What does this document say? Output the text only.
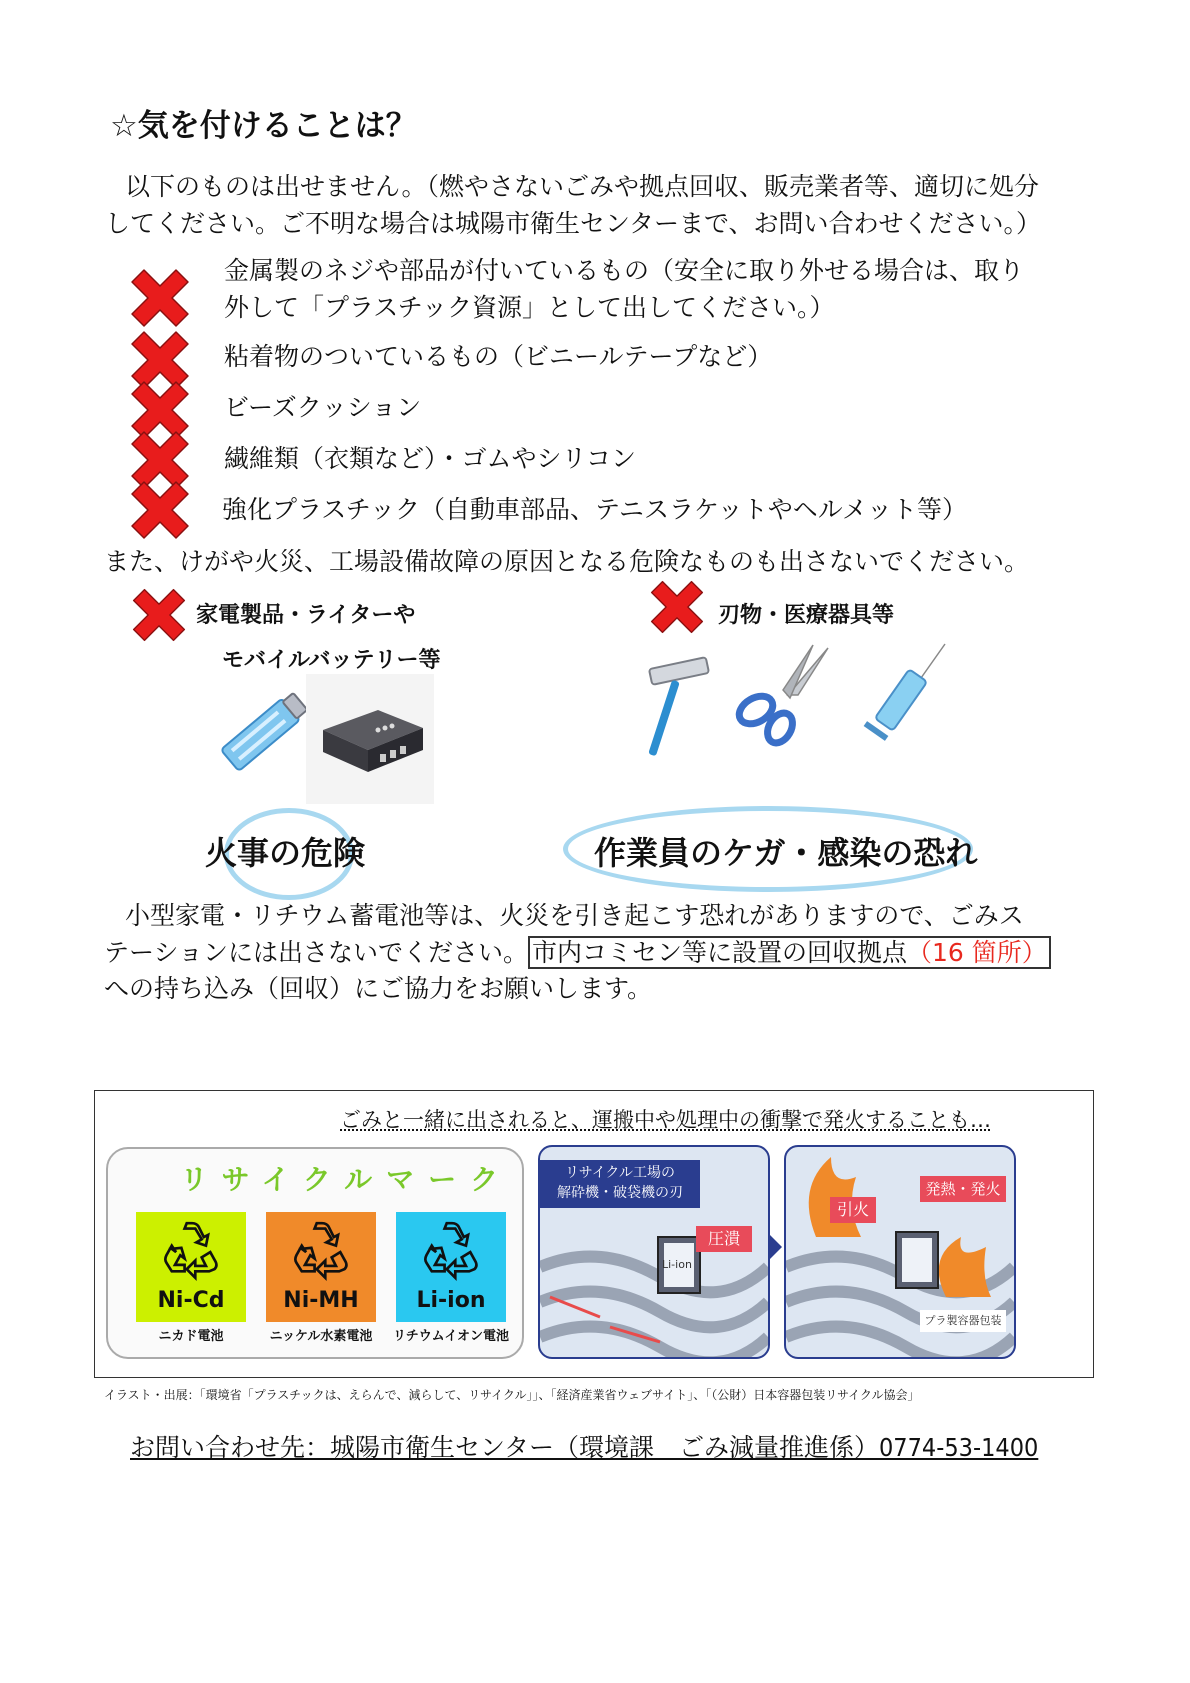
☆気を付けることは？
以下のものは出せません。（燃やさないごみや拠点回収、販売業者等、適切に処分
してください。ご不明な場合は城陽市衛生センターまで、お問い合わせください。）
金属製のネジや部品が付いているもの（安全に取り外せる場合は、取り
外して「プラスチック資源」として出してください。）
粘着物のついているもの（ビニールテープなど）
ビーズクッション
繊維類（衣類など）・ゴムやシリコン
強化プラスチック（自動車部品、テニスラケットやヘルメット等）
また、けがや火災、工場設備故障の原因となる危険なものも出さないでください。
家電製品・ライターや
モバイルバッテリー等
火事の危険
刃物・医療器具等
作業員のケガ・感染の恐れ
小型家電・リチウム蓄電池等は、火災を引き起こす恐れがありますので、ごみス
テーションには出さないでください。 市内コミセン等に設置の回収拠点（16 箇所）
への持ち込み（回収）にご協力をお願いします。
ごみと一緒に出されると、運搬中や処理中の衝撃で発火することも…
リサイクルマーク
Ni-Cd
ニカド電池
Ni-MH
ニッケル水素電池
Li-ion
リチウムイオン電池
リサイクル工場の
解砕機・破袋機の刃
圧潰
Li-ion
引火
発熱・発火
プラ製容器包装
イラスト・出展：「環境省「プラスチックは、えらんで、減らして、リサイクル」」、「経済産業省ウェブサイト」、「（公財）日本容器包装リサイクル協会」
お問い合わせ先：城陽市衛生センター（環境課　ごみ減量推進係）0774-53-1400
